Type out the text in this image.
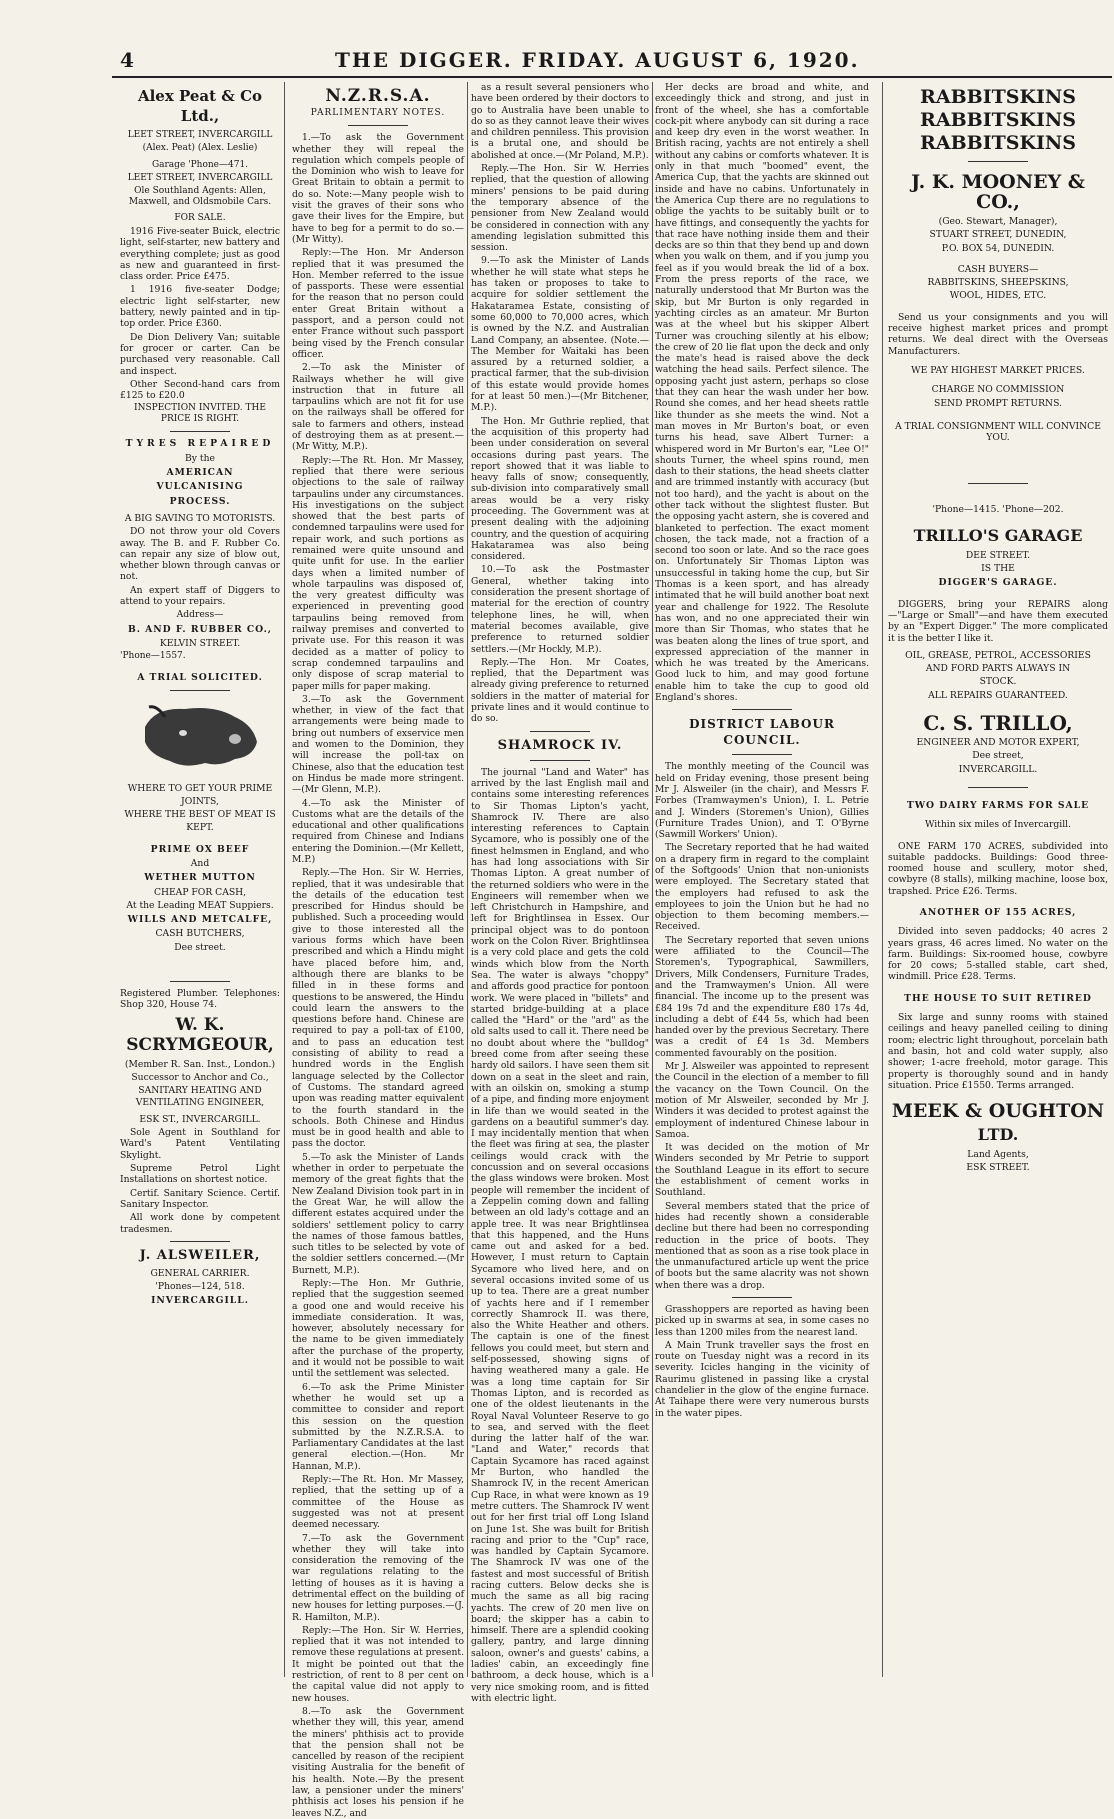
4	THE DIGGER. FRIDAY. AUGUST 6, 1920.
Alex Peat & Co Ltd.,
LEET STREET, INVERCARGILL
(Alex. Peat) (Alex. Leslie)
Garage 'Phone—471.
LEET STREET, INVERCARGILL
Ole Southland Agents: Allen, Maxwell, and Oldsmobile Cars.
FOR SALE.

1916 Five-seater Buick, electric light, self-starter, new battery and everything complete; just as good as new and guaranteed in first-class order. Price £475.

1 1916 five-seater Dodge; electric light self-starter, new battery, newly painted and in tip-top order. Price £360.

De Dion Delivery Van; suitable for grocer or carter. Can be purchased very reasonable. Call and inspect.

Other Second-hand cars from £125 to £20.0

INSPECTION INVITED. THE PRICE IS RIGHT.
TYRES REPAIRED
By the
AMERICAN
VULCANISING
PROCESS.
A BIG SAVING TO MOTORISTS.

DO not throw your old Covers away. The B. and F. Rubber Co. can repair any size of blow out, whether blown through canvas or not.

An expert staff of Diggers to attend to your repairs.

Address—
B. AND F. RUBBER CO.,
KELVIN STREET.
'Phone—1557.
A TRIAL SOLICITED.
WHERE TO GET YOUR PRIME
JOINTS,
WHERE THE BEST OF MEAT IS
KEPT.
PRIME OX BEEF
And
WETHER MUTTON
CHEAP FOR CASH,
At the Leading MEAT Suppiers.
WILLS AND METCALFE,
CASH BUTCHERS,
Dee street.

Registered Plumber. Telephones: Shop 320, House 74.

W. K. SCRYMGEOUR,
(Member R. San. Inst., London.)
Successor to Anchor and Co.,
SANITARY HEATING AND VENTILATING ENGINEER,
ESK ST., INVERCARGILL.

Sole Agent in Southland for Ward's Patent Ventilating Skylight.

Supreme Petrol Light Installations on shortest notice.

Certif. Sanitary Science. Certif. Sanitary Inspector.

All work done by competent tradesmen.

J. ALSWEILER,
GENERAL CARRIER.
'Phones—124, 518.
INVERCARGILL.
N.Z.R.S.A.
PARLIMENTARY NOTES.

1.—To ask the Government whether they will repeal the regulation which compels people of the Dominion who wish to leave for Great Britain to obtain a permit to do so. Note:—Many people wish to visit the graves of their sons who gave their lives for the Empire, but have to beg for a permit to do so.—(Mr Witty).

Reply:—The Hon. Mr Anderson replied that it was presumed the Hon. Member referred to the issue of passports. These were essential for the reason that no person could enter Great Britain without a passport, and a person could not enter France without such passport being vised by the French consular officer.

2.—To ask the Minister of Railways whether he will give instruction that in future all tarpaulins which are not fit for use on the railways shall be offered for sale to farmers and others, instead of destroying them as at present.—(Mr Witty, M.P.).

Reply:—The Rt. Hon. Mr Massey, replied that there were serious objections to the sale of railway tarpaulins under any circumstances. His investigations on the subject showed that the best parts of condemned tarpaulins were used for repair work, and such portions as remained were quite unsound and quite unfit for use. In the earlier days when a limited number of whole tarpaulins was disposed of, the very greatest difficulty was experienced in preventing good tarpaulins being removed from railway premises and converted to private use. For this reason it was decided as a matter of policy to scrap condemned tarpaulins and only dispose of scrap material to paper mills for paper making.

3.—To ask the Government whether, in view of the fact that arrangements were being made to bring out numbers of exservice men and women to the Dominion, they will increase the poll-tax on Chinese, also that the education test on Hindus be made more stringent.—(Mr Glenn, M.P.).

4.—To ask the Minister of Customs what are the details of the educational and other qualifications required from Chinese and Indians entering the Dominion.—(Mr Kellett, M.P.)

Reply.—The Hon. Sir W. Herries, replied, that it was undesirable that the details of the education test prescribed for Hindus should be published. Such a proceeding would give to those interested all the various forms which have been prescribed and which a Hindu might have placed before him, and, although there are blanks to be filled in in these forms and questions to be answered, the Hindu could learn the answers to the questions before hand. Chinese are required to pay a poll-tax of £100, and to pass an education test consisting of ability to read a hundred words in the English language selected by the Collector of Customs. The standard agreed upon was reading matter equivalent to the fourth standard in the schools. Both Chinese and Hindus must be in good health and able to pass the doctor.

5.—To ask the Minister of Lands whether in order to perpetuate the memory of the great fights that the New Zealand Division took part in in the Great War, he will allow the different estates acquired under the soldiers' settlement policy to carry the names of those famous battles, such titles to be selected by vote of the soldier settlers concerned.—(Mr Burnett, M.P.).

Reply:—The Hon. Mr Guthrie, replied that the suggestion seemed a good one and would receive his immediate consideration. It was, however, absolutely necessary for the name to be given immediately after the purchase of the property, and it would not be possible to wait until the settlement was selected.

6.—To ask the Prime Minister whether he would set up a committee to consider and report this session on the question submitted by the N.Z.R.S.A. to Parliamentary Candidates at the last general election.—(Hon. Mr Hannan, M.P.).

Reply:—The Rt. Hon. Mr Massey, replied, that the setting up of a committee of the House as suggested was not at present deemed necessary.

7.—To ask the Government whether they will take into consideration the removing of the war regulations relating to the letting of houses as it is having a detrimental effect on the building of new houses for letting purposes.—(J. R. Hamilton, M.P.).

Reply:—The Hon. Sir W. Herries, replied that it was not intended to remove these regulations at present. It might be pointed out that the restriction, of rent to 8 per cent on the capital value did not apply to new houses.

8.—To ask the Government whether they will, this year, amend the miners' phthisis act to provide that the pension shall not be cancelled by reason of the recipient visiting Australia for the benefit of his health. Note.—By the present law, a pensioner under the miners' phthisis act loses his pension if he leaves N.Z., and

as a result several pensioners who have been ordered by their doctors to go to Australia have been unable to do so as they cannot leave their wives and children penniless. This provision is a brutal one, and should be abolished at once.—(Mr Poland, M.P.).

Reply.—The Hon. Sir W. Herries replied, that the question of allowing miners' pensions to be paid during the temporary absence of the pensioner from New Zealand would be considered in connection with any amending legislation submitted this session.

9.—To ask the Minister of Lands whether he will state what steps he has taken or proposes to take to acquire for soldier settlement the Hakataramea Estate, consisting of some 60,000 to 70,000 acres, which is owned by the N.Z. and Australian Land Company, an absentee. (Note.—The Member for Waitaki has been assured by a returned soldier, a practical farmer, that the sub-division of this estate would provide homes for at least 50 men.)—(Mr Bitchener, M.P.).

The Hon. Mr Guthrie replied, that the acquisition of this property had been under consideration on several occasions during past years. The report showed that it was liable to heavy falls of snow; consequently, sub-division into comparatively small areas would be a very risky proceeding. The Government was at present dealing with the adjoining country, and the question of acquiring Hakataramea was also being considered.

10.—To ask the Postmaster General, whether taking into consideration the present shortage of material for the erection of country telephone lines, he will, when material becomes available, give preference to returned soldier settlers.—(Mr Hockly, M.P.).

Reply.—The Hon. Mr Coates, replied, that the Department was already giving preference to returned soldiers in the matter of material for private lines and it would continue to do so.

SHAMROCK IV.

The journal "Land and Water" has arrived by the last English mail and contains some interesting references to Sir Thomas Lipton's yacht, Shamrock IV. There are also interesting references to Captain Sycamore, who is possibly one of the finest helmsmen in England, and who has had long associations with Sir Thomas Lipton. A great number of the returned soldiers who were in the Engineers will remember when we left Christchurch in Hampshire, and left for Brightlinsea in Essex. Our principal object was to do pontoon work on the Colon River. Brightlinsea is a very cold place and gets the cold winds which blow from the North Sea. The water is always "choppy" and affords good practice for pontoon work. We were placed in "billets" and started bridge-building at a place called the "Hard" or the "ard" as the old salts used to call it. There need be no doubt about where the "bulldog" breed come from after seeing these hardy old sailors. I have seen them sit down on a seat in the sleet and rain, with an oilskin on, smoking a stump of a pipe, and finding more enjoyment in life than we would seated in the gardens on a beautiful summer's day. I may incidentally mention that when the fleet was firing at sea, the plaster ceilings would crack with the concussion and on several occasions the glass windows were broken. Most people will remember the incident of a Zeppelin coming down and falling between an old lady's cottage and an apple tree. It was near Brightlinsea that this happened, and the Huns came out and asked for a bed. However, I must return to Captain Sycamore who lived here, and on several occasions invited some of us up to tea. There are a great number of yachts here and if I remember correctly Shamrock II. was there, also the White Heather and others. The captain is one of the finest fellows you could meet, but stern and self-possessed, showing signs of having weathered many a gale. He was a long time captain for Sir Thomas Lipton, and is recorded as one of the oldest lieutenants in the Royal Naval Volunteer Reserve to go to sea, and served with the fleet during the latter half of the war. "Land and Water," records that Captain Sycamore has raced against Mr Burton, who handled the Shamrock IV, in the recent American Cup Race, in what were known as 19 metre cutters. The Shamrock IV went out for her first trial off Long Island on June 1st. She was built for British racing and prior to the "Cup" race, was handled by Captain Sycamore. The Shamrock IV was one of the fastest and most successful of British racing cutters. Below decks she is much the same as all big racing yachts. The crew of 20 men live on board; the skipper has a cabin to himself. There are a splendid cooking gallery, pantry, and large dinning saloon, owner's and guests' cabins, a ladies' cabin, an exceedingly fine bathroom, a deck house, which is a very nice smoking room, and is fitted with electric light.

Her decks are broad and white, and exceedingly thick and strong, and just in front of the wheel, she has a comfortable cock-pit where anybody can sit during a race and keep dry even in the worst weather. In British racing, yachts are not entirely a shell without any cabins or comforts whatever. It is only in that much "boomed" event, the America Cup, that the yachts are skinned out inside and have no cabins. Unfortunately in the America Cup there are no regulations to oblige the yachts to be suitably built or to have fittings, and consequently the yachts for that race have nothing inside them and their decks are so thin that they bend up and down when you walk on them, and if you jump you feel as if you would break the lid of a box. From the press reports of the race, we naturally understood that Mr Burton was the skip, but Mr Burton is only regarded in yachting circles as an amateur. Mr Burton was at the wheel but his skipper Albert Turner was crouching silently at his elbow; the crew of 20 lie flat upon the deck and only the mate's head is raised above the deck watching the head sails. Perfect silence. The opposing yacht just astern, perhaps so close that they can hear the wash under her bow. Round she comes, and her head sheets rattle like thunder as she meets the wind. Not a man moves in Mr Burton's boat, or even turns his head, save Albert Turner: a whispered word in Mr Burton's ear, "Lee O!" shouts Turner, the wheel spins round, men dash to their stations, the head sheets clatter and are trimmed instantly with accuracy (but not too hard), and the yacht is about on the other tack without the slightest fluster. But the opposing yacht astern, she is covered and blanketed to perfection. The exact moment chosen, the tack made, not a fraction of a second too soon or late. And so the race goes on. Unfortunately Sir Thomas Lipton was unsuccessful in taking home the cup, but Sir Thomas is a keen sport, and has already intimated that he will build another boat next year and challenge for 1922. The Resolute has won, and no one appreciated their win more than Sir Thomas, who states that he was beaten along the lines of true sport, and expressed appreciation of the manner in which he was treated by the Americans. Good luck to him, and may good fortune enable him to take the cup to good old England's shores.

DISTRICT LABOUR COUNCIL.

The monthly meeting of the Council was held on Friday evening, those present being Mr J. Alsweiler (in the chair), and Messrs F. Forbes (Tramwaymen's Union), I. L. Petrie and J. Winders (Storemen's Union), Gillies (Furniture Trades Union), and T. O'Byrne (Sawmill Workers' Union).

The Secretary reported that he had waited on a drapery firm in regard to the complaint of the Softgoods' Union that non-unionists were employed. The Secretary stated that the employers had refused to ask the employees to join the Union but he had no objection to them becoming members.—Received.

The Secretary reported that seven unions were affiliated to the Council—The Storemen's, Typographical, Sawmillers, Drivers, Milk Condensers, Furniture Trades, and the Tramwaymen's Union. All were financial. The income up to the present was £84 19s 7d and the expenditure £80 17s 4d, including a debt of £44 5s, which had been handed over by the previous Secretary. There was a credit of £4 1s 3d. Members commented favourably on the position.

Mr J. Alsweiler was appointed to represent the Council in the election of a member to fill the vacancy on the Town Council. On the motion of Mr Alsweiler, seconded by Mr J. Winders it was decided to protest against the employment of indentured Chinese labour in Samoa.

It was decided on the motion of Mr Winders seconded by Mr Petrie to support the Southland League in its effort to secure the establishment of cement works in Southland.

Several members stated that the price of hides had recently shown a considerable decline but there had been no corresponding reduction in the price of boots. They mentioned that as soon as a rise took place in the unmanufactured article up went the price of boots but the same alacrity was not shown when there was a drop.

Grasshoppers are reported as having been picked up in swarms at sea, in some cases no less than 1200 miles from the nearest land.

A Main Trunk traveller says the frost en route on Tuesday night was a record in its severity. Icicles hanging in the vicinity of Raurimu glistened in passing like a crystal chandelier in the glow of the engine furnace. At Taihape there were very numerous bursts in the water pipes.

RABBITSKINS
RABBITSKINS
RABBITSKINS
J. K. MOONEY & CO.,
(Geo. Stewart, Manager),
STUART STREET, DUNEDIN,
P.O. BOX 54, DUNEDIN.
CASH BUYERS—
RABBITSKINS, SHEEPSKINS,
WOOL, HIDES, ETC.

Send us your consignments and you will receive highest market prices and prompt returns. We deal direct with the Overseas Manufacturers.

WE PAY HIGHEST MARKET PRICES.
CHARGE NO COMMISSION
SEND PROMPT RETURNS.
A TRIAL CONSIGNMENT WILL CONVINCE YOU.
'Phone—1415. 'Phone—202.
TRILLO'S GARAGE
DEE STREET.
IS THE
DIGGER'S GARAGE.

DIGGERS, bring your REPAIRS along —"Large or Small"—and have them executed by an "Expert Digger." The more complicated it is the better I like it.

OIL, GREASE, PETROL, ACCESSORIES
AND FORD PARTS ALWAYS IN
STOCK.
ALL REPAIRS GUARANTEED.
C. S. TRILLO,
ENGINEER AND MOTOR EXPERT,
Dee street,
INVERCARGILL.
TWO DAIRY FARMS FOR SALE
Within six miles of Invercargill.

ONE FARM 170 ACRES, subdivided into suitable paddocks. Buildings: Good three-roomed house and scullery, motor shed, cowbyre (8 stalls), milking machine, loose box, trapshed. Price £26. Terms.

ANOTHER OF 155 ACRES,

Divided into seven paddocks; 40 acres 2 years grass, 46 acres limed. No water on the farm. Buildings: Six-roomed house, cowbyre for 20 cows; 5-stalled stable, cart shed, windmill. Price £28. Terms.

THE HOUSE TO SUIT RETIRED

Six large and sunny rooms with stained ceilings and heavy panelled ceiling to dining room; electric light throughout, porcelain bath and basin, hot and cold water supply, also shower; 1-acre freehold, motor garage. This property is thoroughly sound and in handy situation. Price £1550. Terms arranged.

MEEK & OUGHTON
LTD.
Land Agents,
ESK STREET.
